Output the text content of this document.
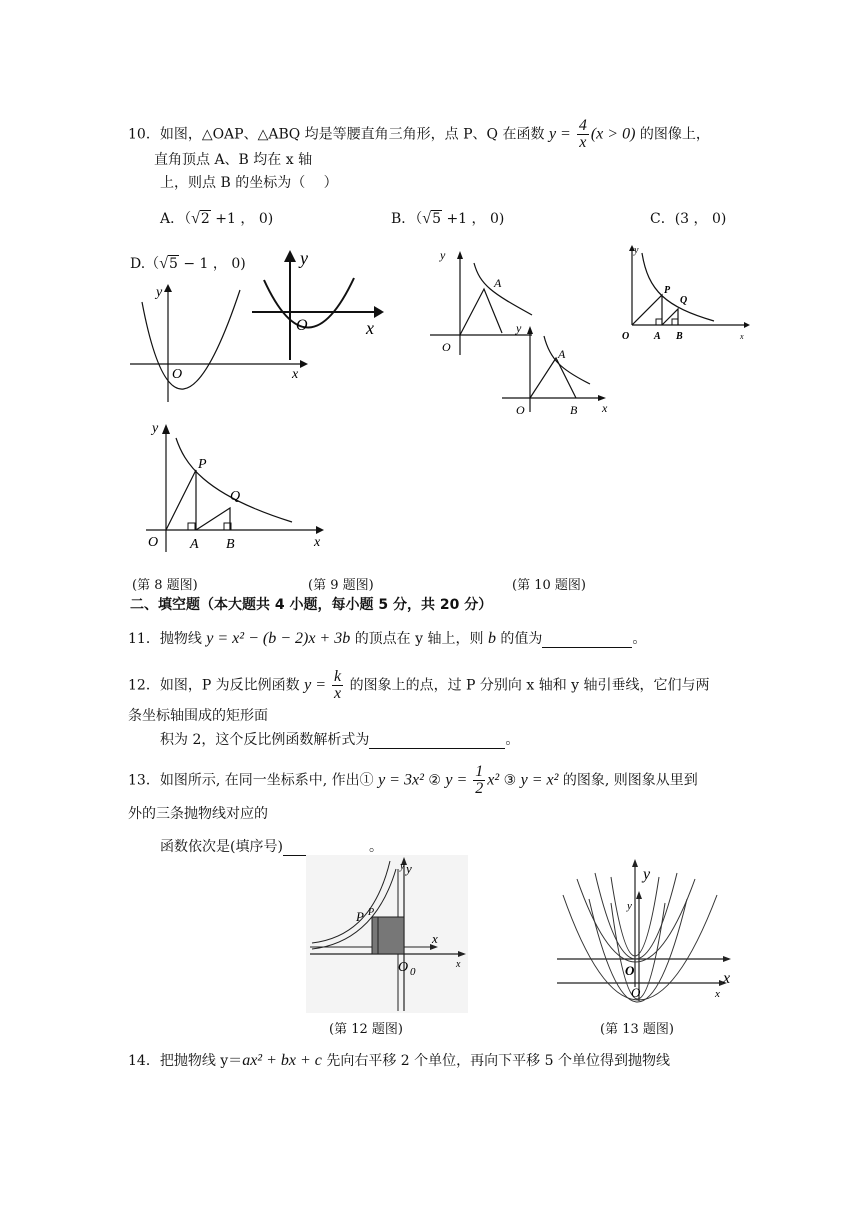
10．如图，△OAP、△ABQ 均是等腰直角三角形，点 P、Q 在函数 $y = \frac{4}{x} (x > 0)$ 的图像上，
直角顶点 A、B 均在 x 轴
上，则点 B 的坐标为（　 ）
A．（√2 +1 ， 0)	B．（√5 +1 ， 0)	C．(3 ， 0)
D.（√5 − 1 ， 0)
y
O	x
y
O	x
y
O A B
P
Q
x
y
O
A
y
O
A
B x
y
O A B
P
Q
x
(第 8 题图)	(第 9 题图)	(第 10 题图)
二、填空题（本大题共 4 小题，每小题 5 分，共 20 分）
11．抛物线 y = x² − (b − 2)x + 3b 的顶点在 y 轴上，则 b 的值为	。
12．如图，P 为反比例函数 $y = \frac{k}{x}$ 的图象上的点，过 P 分别向 x 轴和 y 轴引垂线，它们与两
条坐标轴围成的矩形面
积为 2，这个反比例函数解析式为	。
13．如图所示, 在同一坐标系中, 作出① y = 3x² ② $y = \frac{1}{2} x^2$ ③ y = x² 的图象, 则图象从里到
外的三条抛物线对应的
函数依次是(填序号)	。
P P
y
y
x
x
O 0
y
y
x
x
O
O
(第 12 题图)	(第 13 题图)
14．把抛物线 y＝ax² + bx + c 先向右平移 2 个单位，再向下平移 5 个单位得到抛物线
